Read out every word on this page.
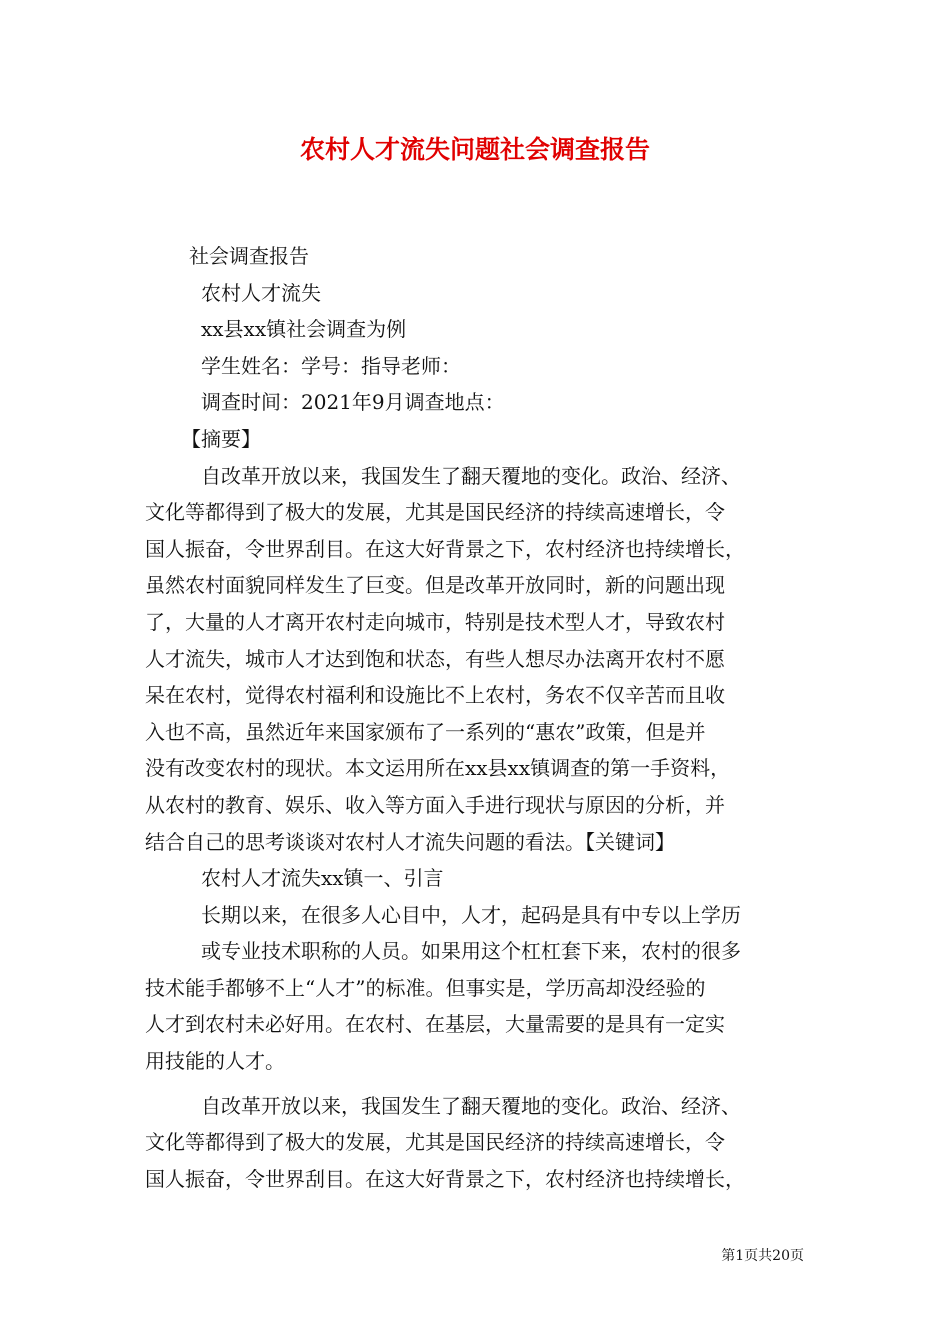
农村人才流失问题社会调查报告
社会调查报告
农村人才流失
xx县xx镇社会调查为例
学生姓名：学号：指导老师：
调查时间：2021年9月调查地点：
【摘要】
自改革开放以来，我国发生了翻天覆地的变化。政治、经济、
文化等都得到了极大的发展，尤其是国民经济的持续高速增长，令
国人振奋，令世界刮目。在这大好背景之下，农村经济也持续增长，
虽然农村面貌同样发生了巨变。但是改革开放同时，新的问题出现
了，大量的人才离开农村走向城市，特别是技术型人才，导致农村
人才流失，城市人才达到饱和状态，有些人想尽办法离开农村不愿
呆在农村，觉得农村福利和设施比不上农村，务农不仅辛苦而且收
入也不高，虽然近年来国家颁布了一系列的“惠农”政策，但是并
没有改变农村的现状。本文运用所在xx县xx镇调查的第一手资料，
从农村的教育、娱乐、收入等方面入手进行现状与原因的分析，并
结合自己的思考谈谈对农村人才流失问题的看法。【关键词】
农村人才流失xx镇一、引言
长期以来，在很多人心目中，人才，起码是具有中专以上学历
或专业技术职称的人员。如果用这个杠杠套下来，农村的很多
技术能手都够不上“人才”的标准。但事实是，学历高却没经验的
人才到农村未必好用。在农村、在基层，大量需要的是具有一定实
用技能的人才。
自改革开放以来，我国发生了翻天覆地的变化。政治、经济、
文化等都得到了极大的发展，尤其是国民经济的持续高速增长，令
国人振奋，令世界刮目。在这大好背景之下，农村经济也持续增长，
第1页共20页
